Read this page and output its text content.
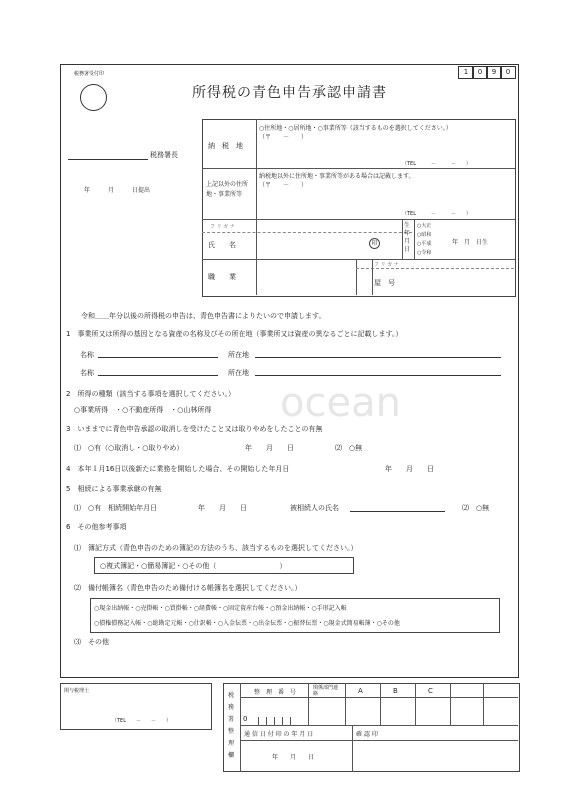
ocean
税務署受付印	1	0	9	0
所得税の青色申告承認申請書
税務署長
年　　　月　　　日提出
納　税　地
○住所地・○居所地・○事業所等（該当するものを選択してください。）
（〒　　－　　）
（TEL　　　－　　　－　　）
上記以外の住所地・事業所等
納税地以外に住所地・事業所等がある場合は記載します。
（〒　　－　　）
（TEL　　　－　　　－　　）
フ リ ガ ナ
氏　　名	印
生年月日
○大正
○昭和
○平成
○令和
年　月　日生
職　　業
フ リ ガ ナ
屋　号
令和＿＿年分以後の所得税の申告は、青色申告書によりたいので申請します。
1　事業所又は所得の基因となる資産の名称及びその所在地（事業所又は資産の異なるごとに記載します。）
名称	所在地
名称	所在地
2　所得の種類（該当する事項を選択してください。）
○事業所得　・○不動産所得　・○山林所得
3　いままでに青色申告承認の取消しを受けたこと又は取りやめをしたことの有無
⑴　○有（○取消し・○取りやめ）	年　　月　　日	⑵　○無
4　本年１月16日以後新たに業務を開始した場合、その開始した年月日	年　　月　　日
5　相続による事業承継の有無
⑴　○有　相続開始年月日	年　　月　　日	被相続人の氏名	⑵　○無
6　その他参考事項
⑴　簿記方式（青色申告のための簿記の方法のうち、該当するものを選択してください。）
○複式簿記・○簡易簿記・○その他（　　　　　　　　　）
⑵　備付帳簿名（青色申告のため備付ける帳簿名を選択してください。）
○現金出納帳・○売掛帳・○買掛帳・○経費帳・○固定資産台帳・○預金出納帳・○手形記入帳
○債権債務記入帳・○総勘定元帳・○仕訳帳・○入金伝票・○出金伝票・○振替伝票・○現金式簡易帳簿・○その他
⑶　その他
関与税理士
（TEL　　－　　－　　）
税務署整理欄
整　理　番　号
関係部門連　絡	A	B	C
0
通 信 日 付 印 の 年 月 日	確 認 印
年　　月　　日
